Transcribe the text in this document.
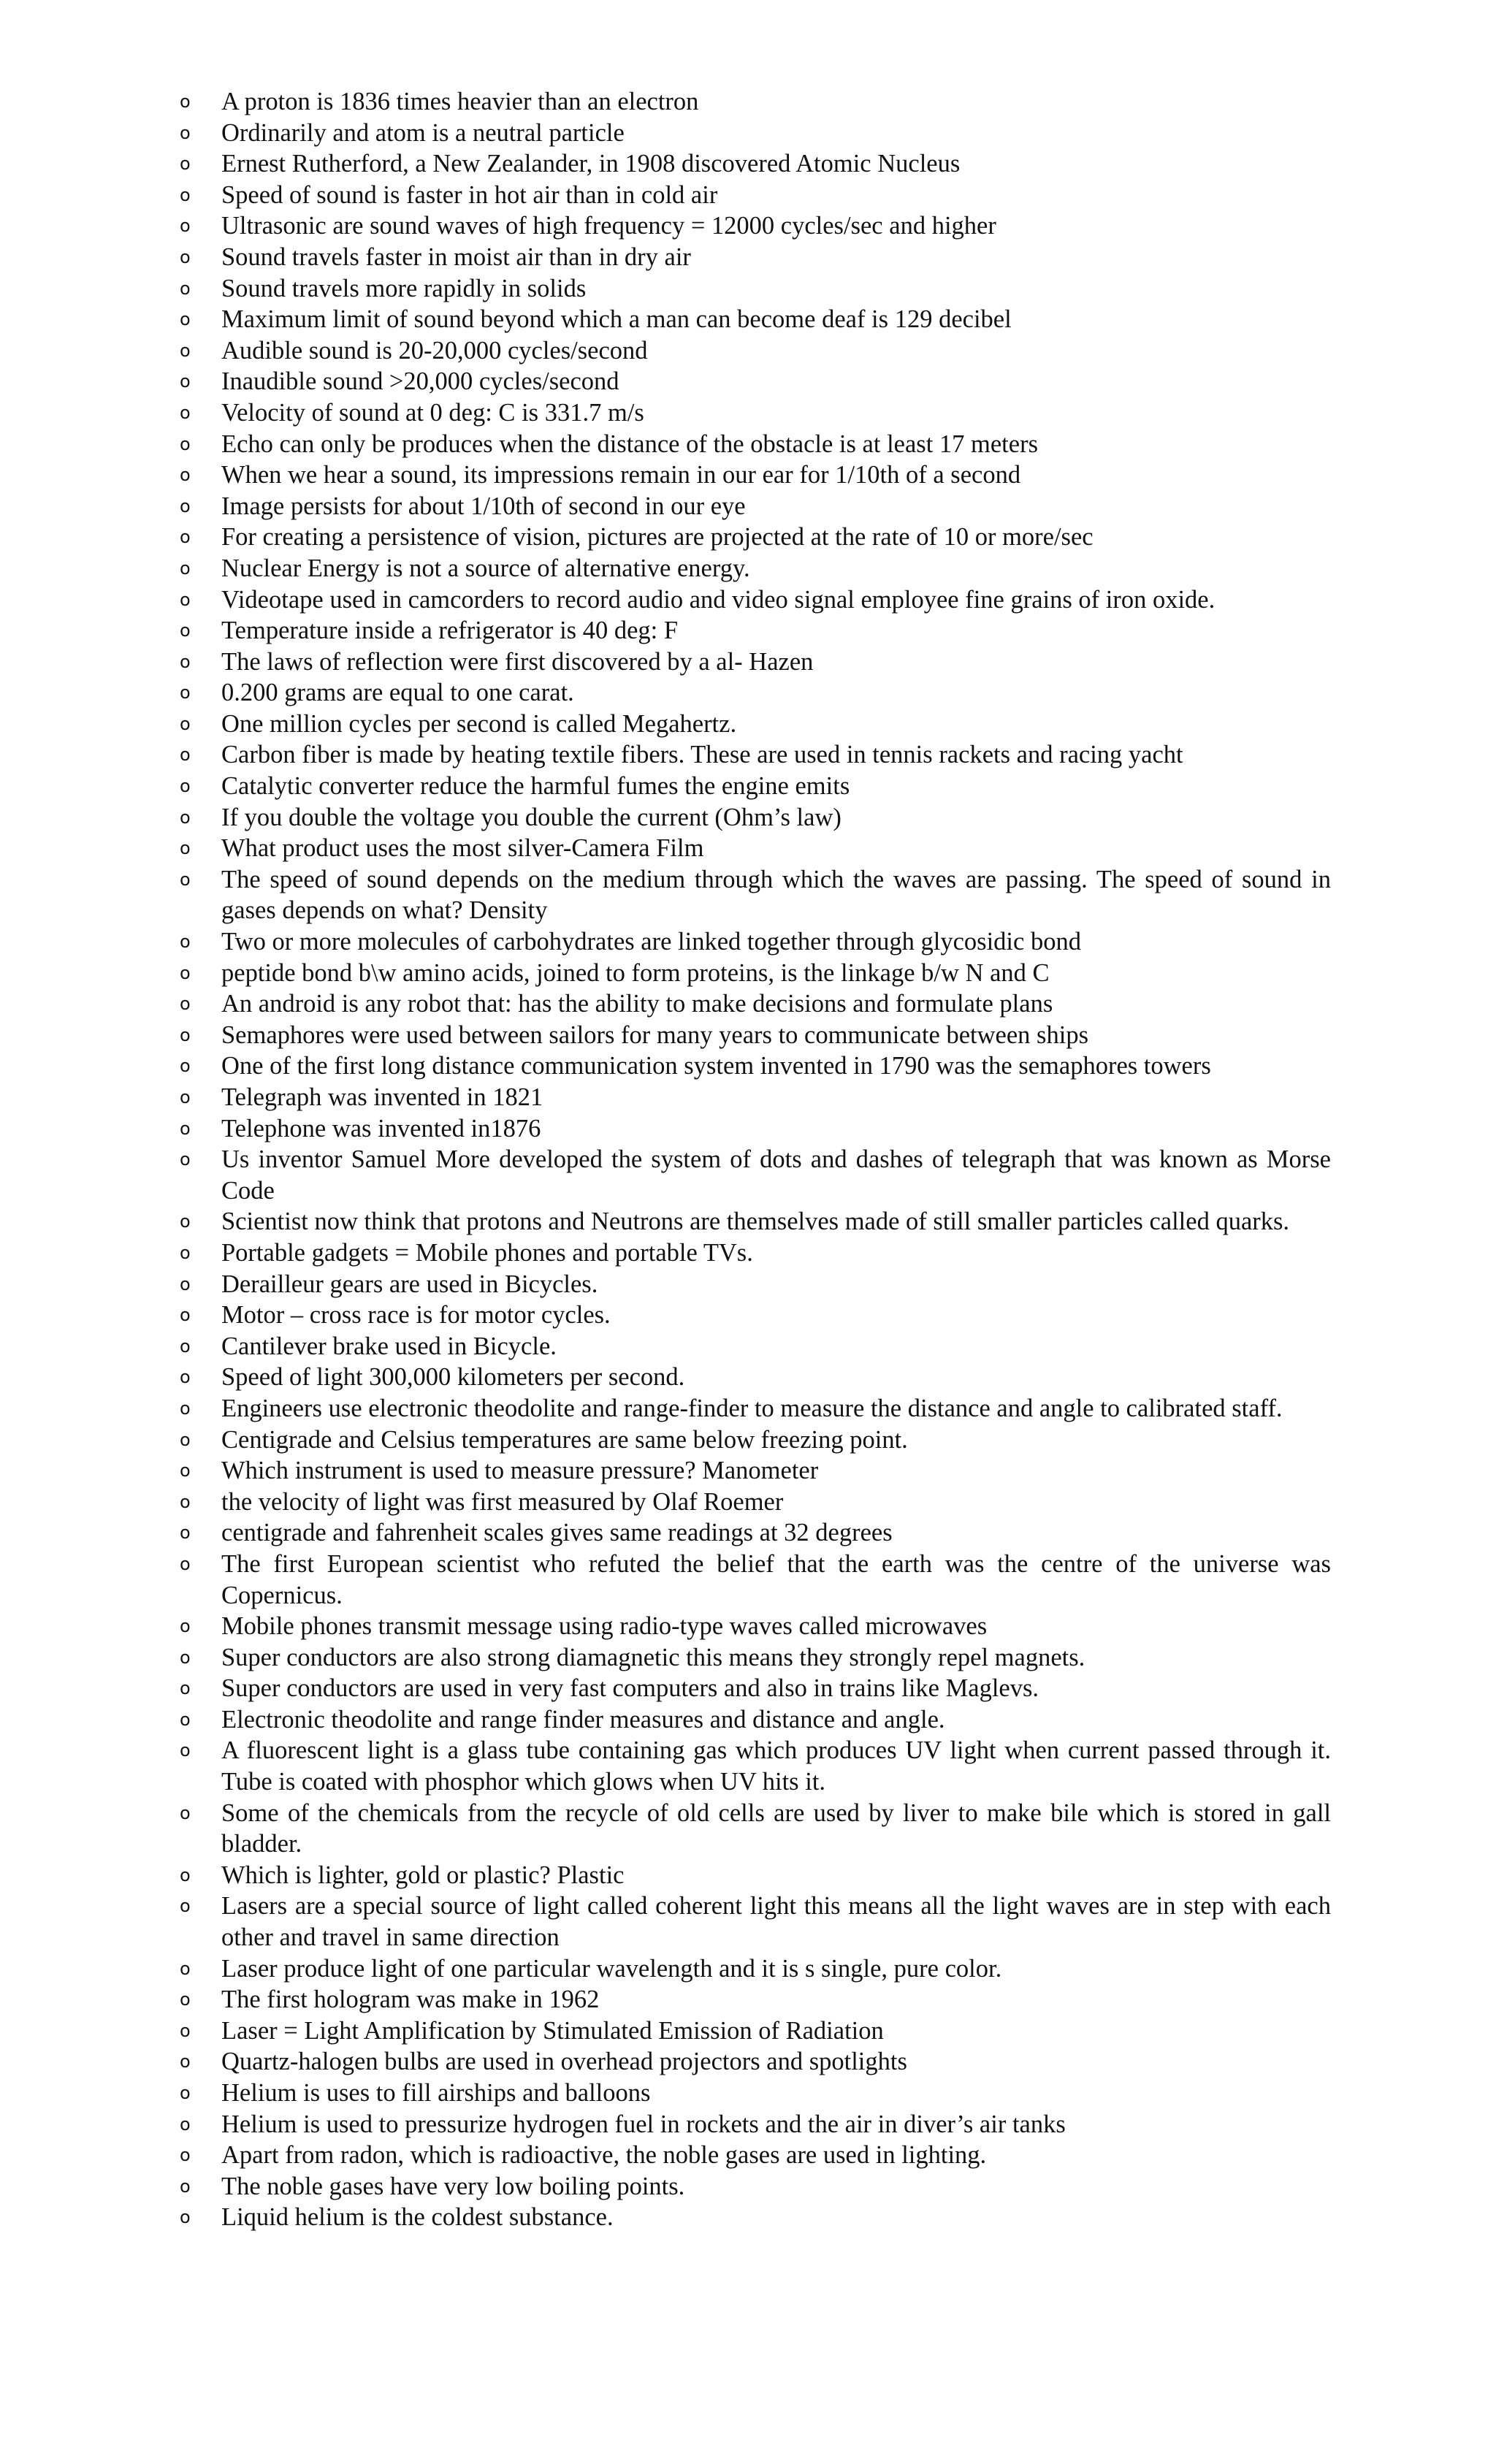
o	A proton is 1836 times heavier than an electron
o	Ordinarily and atom is a neutral particle
o	Ernest Rutherford, a New Zealander, in 1908 discovered Atomic Nucleus
o	Speed of sound is faster in hot air than in cold air
o	Ultrasonic are sound waves of high frequency = 12000 cycles/sec and higher
o	Sound travels faster in moist air than in dry air
o	Sound travels more rapidly in solids
o	Maximum limit of sound beyond which a man can become deaf is 129 decibel
o	Audible sound is 20-20,000 cycles/second
o	Inaudible sound >20,000 cycles/second
o	Velocity of sound at 0 deg: C is 331.7 m/s
o	Echo can only be produces when the distance of the obstacle is at least 17 meters
o	When we hear a sound, its impressions remain in our ear for 1/10th of a second
o	Image persists for about 1/10th of second in our eye
o	For creating a persistence of vision, pictures are projected at the rate of 10 or more/sec
o	Nuclear Energy is not a source of alternative energy.
o	Videotape used in camcorders to record audio and video signal employee fine grains of iron oxide.
o	Temperature inside a refrigerator is 40 deg: F
o	The laws of reflection were first discovered by a al- Hazen
o	0.200 grams are equal to one carat.
o	One million cycles per second is called Megahertz.
o	Carbon fiber is made by heating textile fibers. These are used in tennis rackets and racing yacht
o	Catalytic converter reduce the harmful fumes the engine emits
o	If you double the voltage you double the current (Ohm’s law)
o	What product uses the most silver-Camera Film
o	The speed of sound depends on the medium through which the waves are passing. The speed of sound in gases depends on what? Density
o	Two or more molecules of carbohydrates are linked together through glycosidic bond
o	peptide bond b\w amino acids, joined to form proteins, is the linkage b/w N and C
o	An android is any robot that: has the ability to make decisions and formulate plans
o	Semaphores were used between sailors for many years to communicate between ships
o	One of the first long distance communication system invented in 1790 was the semaphores towers
o	Telegraph was invented in 1821
o	Telephone was invented in1876
o	Us inventor Samuel More developed the system of dots and dashes of telegraph that was known as Morse Code
o	Scientist now think that protons and Neutrons are themselves made of still smaller particles called quarks.
o	Portable gadgets = Mobile phones and portable TVs.
o	Derailleur gears are used in Bicycles.
o	Motor – cross race is for motor cycles.
o	Cantilever brake used in Bicycle.
o	Speed of light 300,000 kilometers per second.
o	Engineers use electronic theodolite and range-finder to measure the distance and angle to calibrated staff.
o	Centigrade and Celsius temperatures are same below freezing point.
o	Which instrument is used to measure pressure? Manometer
o	the velocity of light was first measured by Olaf Roemer
o	centigrade and fahrenheit scales gives same readings at 32 degrees
o	The first European scientist who refuted the belief that the earth was the centre of the universe was Copernicus.
o	Mobile phones transmit message using radio-type waves called microwaves
o	Super conductors are also strong diamagnetic this means they strongly repel magnets.
o	Super conductors are used in very fast computers and also in trains like Maglevs.
o	Electronic theodolite and range finder measures and distance and angle.
o	A fluorescent light is a glass tube containing gas which produces UV light when current passed through it. Tube is coated with phosphor which glows when UV hits it.
o	Some of the chemicals from the recycle of old cells are used by liver to make bile which is stored in gall bladder.
o	Which is lighter, gold or plastic? Plastic
o	Lasers are a special source of light called coherent light this means all the light waves are in step with each other and travel in same direction
o	Laser produce light of one particular wavelength and it is s single, pure color.
o	The first hologram was make in 1962
o	Laser = Light Amplification by Stimulated Emission of Radiation
o	Quartz-halogen bulbs are used in overhead projectors and spotlights
o	Helium is uses to fill airships and balloons
o	Helium is used to pressurize hydrogen fuel in rockets and the air in diver’s air tanks
o	Apart from radon, which is radioactive, the noble gases are used in lighting.
o	The noble gases have very low boiling points.
o	Liquid helium is the coldest substance.
